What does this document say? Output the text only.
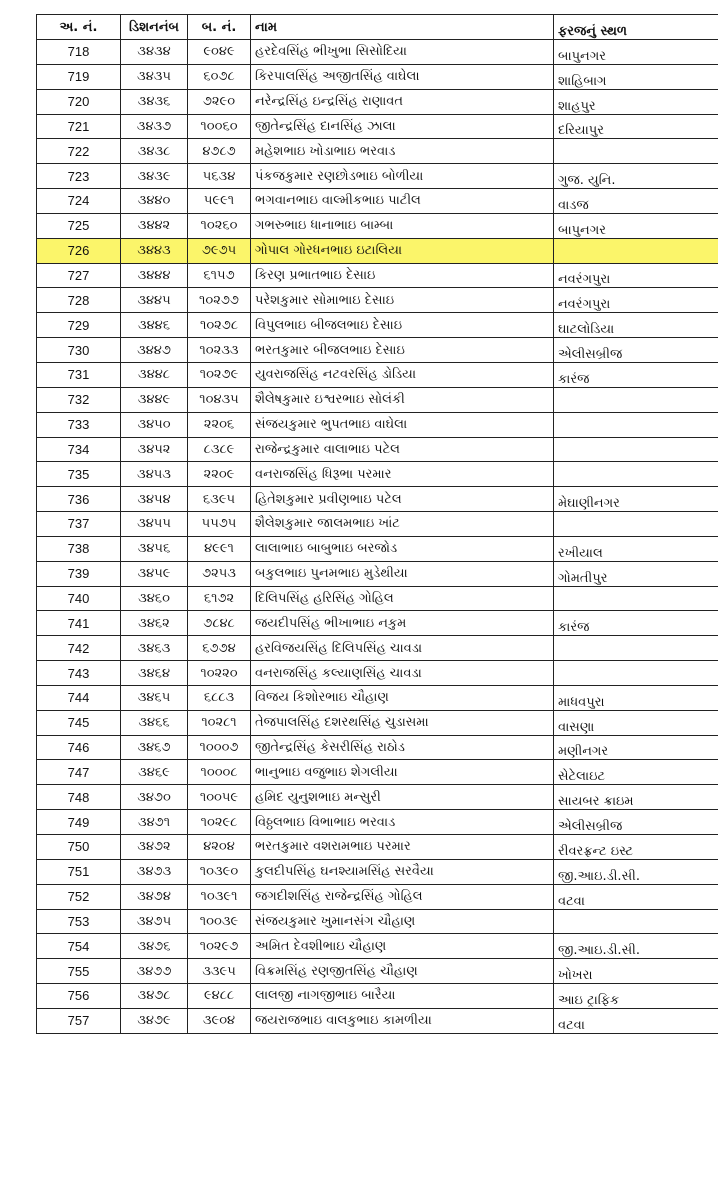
અ. નં.	ડિશનનંબ	બ. નં.	નામ	ફરજનું સ્થળ
718	૩૪૩૪	૯૦૪૯	હરદેવસિંહ ભીખુભા સિસોદિયા	બાપુનગર
719	૩૪૩૫	૬૦૭૮	કિરપાલસિંહ અજીતસિંહ વાઘેલા	શાહિબાગ
720	૩૪૩૬	૭૨૯૦	નરેન્દ્રસિંહ ઇન્દ્રસિંહ રાણાવત	શાહપુર
721	૩૪૩૭	૧૦૦૬૦	જીતેન્દ્રસિંહ દાનસિંહ ઝાલા	દરિયાપુર
722	૩૪૩૮	૪૭૮૭	મહેશભાઇ ખોડાભાઇ ભરવાડ	
723	૩૪૩૯	૫૬૩૪	પંકજકુમાર રણછોડભાઇ બોળીયા	ગુજ. યુનિ.
724	૩૪૪૦	૫૯૯૧	ભગવાનભાઇ વાલ્મીકભાઇ પાટીલ	વાડજ
725	૩૪૪૨	૧૦૨૬૦	ગભરુભાઇ ધાનાભાઇ બામ્બા	બાપુનગર
726	૩૪૪૩	૭૯૭૫	ગોપાલ ગોરધનભાઇ ઇટાલિયા	
727	૩૪૪૪	૬૧૫૭	કિરણ પ્રભાતભાઇ દેસાઇ	નવરંગપુરા
728	૩૪૪૫	૧૦૨૭૭	પરેશકુમાર સોમાભાઇ દેસાઇ	નવરંગપુરા
729	૩૪૪૬	૧૦૨૭૮	વિપુલભાઇ બીજલભાઇ દેસાઇ	ઘાટલોડિયા
730	૩૪૪૭	૧૦૨૩૩	ભરતકુમાર બીજલભાઇ દેસાઇ	એલીસબ્રીજ
731	૩૪૪૮	૧૦૨૭૯	યુવરાજસિંહ નટવરસિંહ ડોડિયા	કારંજ
732	૩૪૪૯	૧૦૪૩૫	શૈલેષકુમાર ઇશ્વરભાઇ સોલંકી	
733	૩૪૫૦	૨૨૦૬	સંજયકુમાર ભુપતભાઇ વાઘેલા	
734	૩૪૫૨	૮૩૮૯	રાજેન્દ્રકુમાર વાલાભાઇ પટેલ	
735	૩૪૫૩	૨૨૦૯	વનરાજસિંહ ધિરૂભા પરમાર	
736	૩૪૫૪	૬૩૯૫	હિતેશકુમાર પ્રવીણભાઇ પટેલ	મેઘાણીનગર
737	૩૪૫૫	૫૫૭૫	શૈલેશકુમાર જાલમભાઇ ખાંટ	
738	૩૪૫૬	૪૯૯૧	લાલાભાઇ બાબુભાઇ બરજોડ	રખીયાલ
739	૩૪૫૯	૭૨૫૩	બકુલભાઇ પુનમભાઇ મુડેથીયા	ગોમતીપુર
740	૩૪૬૦	૬૧૭૨	દિલિપસિંહ હરિસિંહ ગોહિલ	
741	૩૪૬૨	૭૮૪૮	જયદીપસિંહ ભીખાભાઇ નકુમ	કારંજ
742	૩૪૬૩	૬૭૭૪	હરવિજયસિંહ દિલિપસિંહ ચાવડા	
743	૩૪૬૪	૧૦૨૨૦	વનરાજસિંહ કલ્યાણસિંહ ચાવડા	
744	૩૪૬૫	૬૮૮૩	વિજય કિશોરભાઇ ચૌહાણ	માધવપુરા
745	૩૪૬૬	૧૦૨૮૧	તેજપાલસિંહ દશરથસિંહ ચુડાસમા	વાસણા
746	૩૪૬૭	૧૦૦૦૭	જીતેન્દ્રસિંહ કેસરીસિંહ રાઠોડ	મણીનગર
747	૩૪૬૯	૧૦૦૦૮	ભાનુભાઇ વજુભાઇ શેગલીયા	સેટેલાઇટ
748	૩૪૭૦	૧૦૦૫૯	હમિદ યુનુશભાઇ મન્સુરી	સાયબર ક્રાઇમ
749	૩૪૭૧	૧૦૨૯૮	વિઠ્ઠલભાઇ વિભાભાઇ ભરવાડ	એલીસબ્રીજ
750	૩૪૭૨	૪૨૦૪	ભરતકુમાર વશરામભાઇ પરમાર	રીવરફ્રન્ટ ઇસ્ટ
751	૩૪૭૩	૧૦૩૯૦	કુલદીપસિંહ ઘનશ્યામસિંહ સરવૈયા	જી.આઇ.ડી.સી.
752	૩૪૭૪	૧૦૩૯૧	જગદીશસિંહ રાજેન્દ્રસિંહ ગોહિલ	વટવા
753	૩૪૭૫	૧૦૦૩૯	સંજયકુમાર ખુમાનસંગ ચૌહાણ	
754	૩૪૭૬	૧૦૨૯૭	અમિત દેવશીભાઇ ચૌહાણ	જી.આઇ.ડી.સી.
755	૩૪૭૭	૩૩૯૫	વિક્રમસિંહ રણજીતસિંહ ચૌહાણ	ખોખરા
756	૩૪૭૮	૯૪૮૮	લાલજી નાગજીભાઇ બારૈયા	આઇ ટ્રાફિક
757	૩૪૭૯	૩૯૦૪	જયરાજભાઇ વાલકુભાઇ કામળીયા	વટવા
